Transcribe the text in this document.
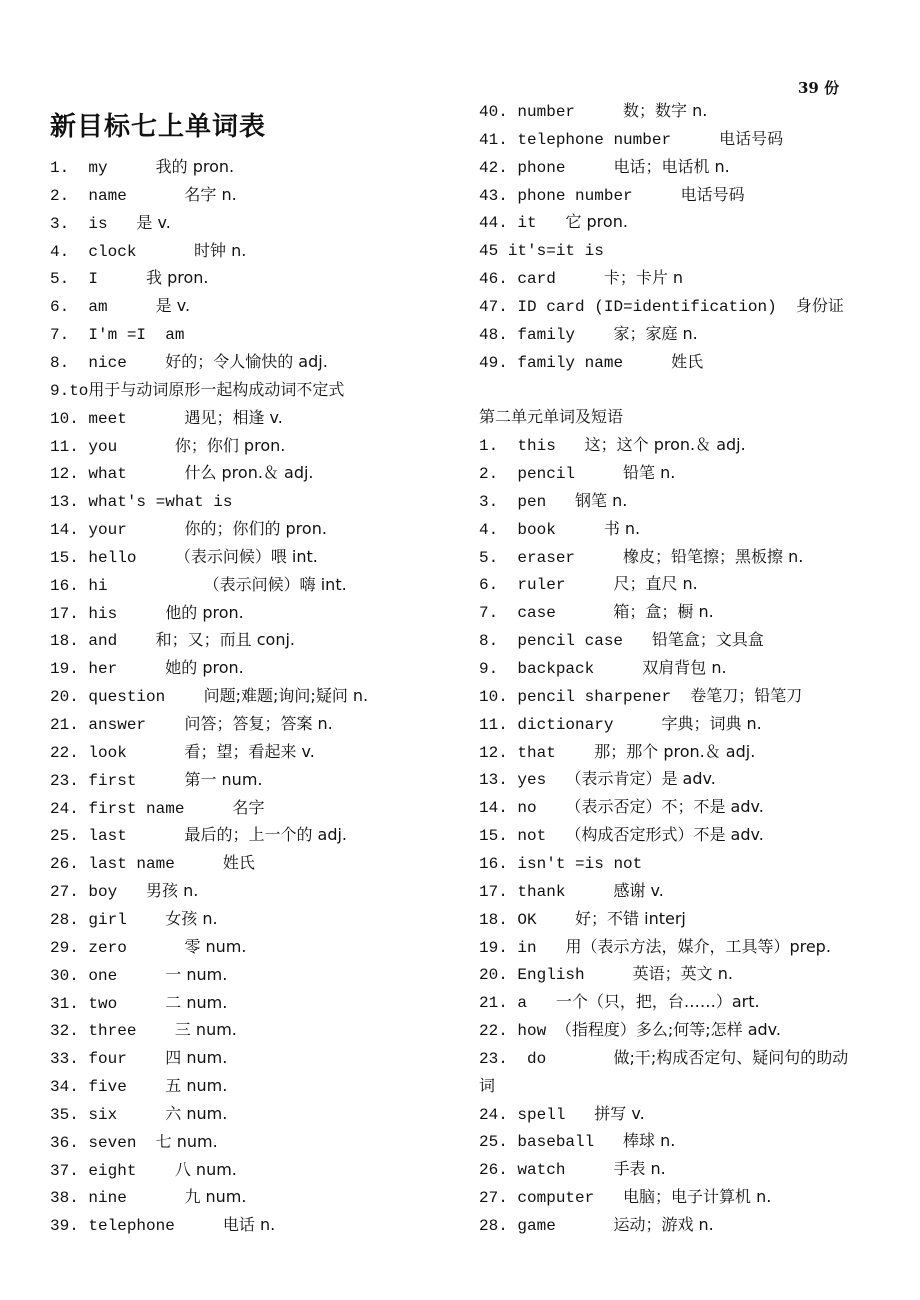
39 份
新目标七上单词表
1. my	我的 pron.
2. name	名字 n.
3. is 是 v.
4. clock	时钟 n.
5. I	我 pron.
6. am	是 v.
7. I'm =I  am
8. nice 好的；令人愉快的 adj.
9.to用于与动词原形一起构成动词不定式
10. meet	遇见；相逢 v.
11. you	你；你们 pron.
12. what	什么 pron.＆ adj.
13. what's =what is
14. your	你的；你们的 pron.
15. hello （表示问候）喂 int.
16. hi	（表示问候）嗨 int.
17. his	他的 pron.
18. and 和；又；而且 conj.
19. her	她的 pron.
20. question 问题;难题;询问;疑问 n.
21. answer 问答；答复；答案 n.
22. look	看；望；看起来 v.
23. first	第一 num.
24. first name	名字
25. last	最后的；上一个的 adj.
26. last name	姓氏
27. boy 男孩 n.
28. girl 女孩 n.
29. zero	零 num.
30. one	一 num.
31. two	二 num.
32. three 三 num.
33. four 四 num.
34. five 五 num.
35. six	六 num.
36. seven 七 num.
37. eight 八 num.
38. nine	九 num.
39. telephone	电话 n.
40. number	数；数字 n.
41. telephone number	电话号码
42. phone	电话；电话机 n.
43. phone number	电话号码
44. it 它 pron.
45 it's=it is
46. card	卡；卡片 n
47. ID card (ID=identification) 身份证
48. family 家；家庭 n.
49. family name	姓氏
第二单元单词及短语
1. this 这；这个 pron.＆ adj.
2. pencil	铅笔 n.
3. pen 钢笔 n.
4. book	书 n.
5. eraser	橡皮；铅笔擦；黑板擦 n.
6. ruler	尺；直尺 n.
7. case	箱；盒；橱 n.
8. pencil case 铅笔盒；文具盒
9. backpack	双肩背包 n.
10. pencil sharpener 卷笔刀；铅笔刀
11. dictionary	字典；词典 n.
12. that 那；那个 pron.＆ adj.
13. yes （表示肯定）是 adv.
14. no （表示否定）不；不是 adv.
15. not （构成否定形式）不是 adv.
16. isn't =is not
17. thank	感谢 v.
18. OK 好；不错 interj
19. in 用（表示方法，媒介，工具等）prep.
20. English	英语；英文 n.
21. a 一个（只，把，台……）art.
22. how （指程度）多么;何等;怎样 adv.
23.  do	做;干;构成否定句、疑问句的助动
词
24. spell 拼写 v.
25. baseball 棒球 n.
26. watch	手表 n.
27. computer 电脑；电子计算机 n.
28. game	运动；游戏 n.
